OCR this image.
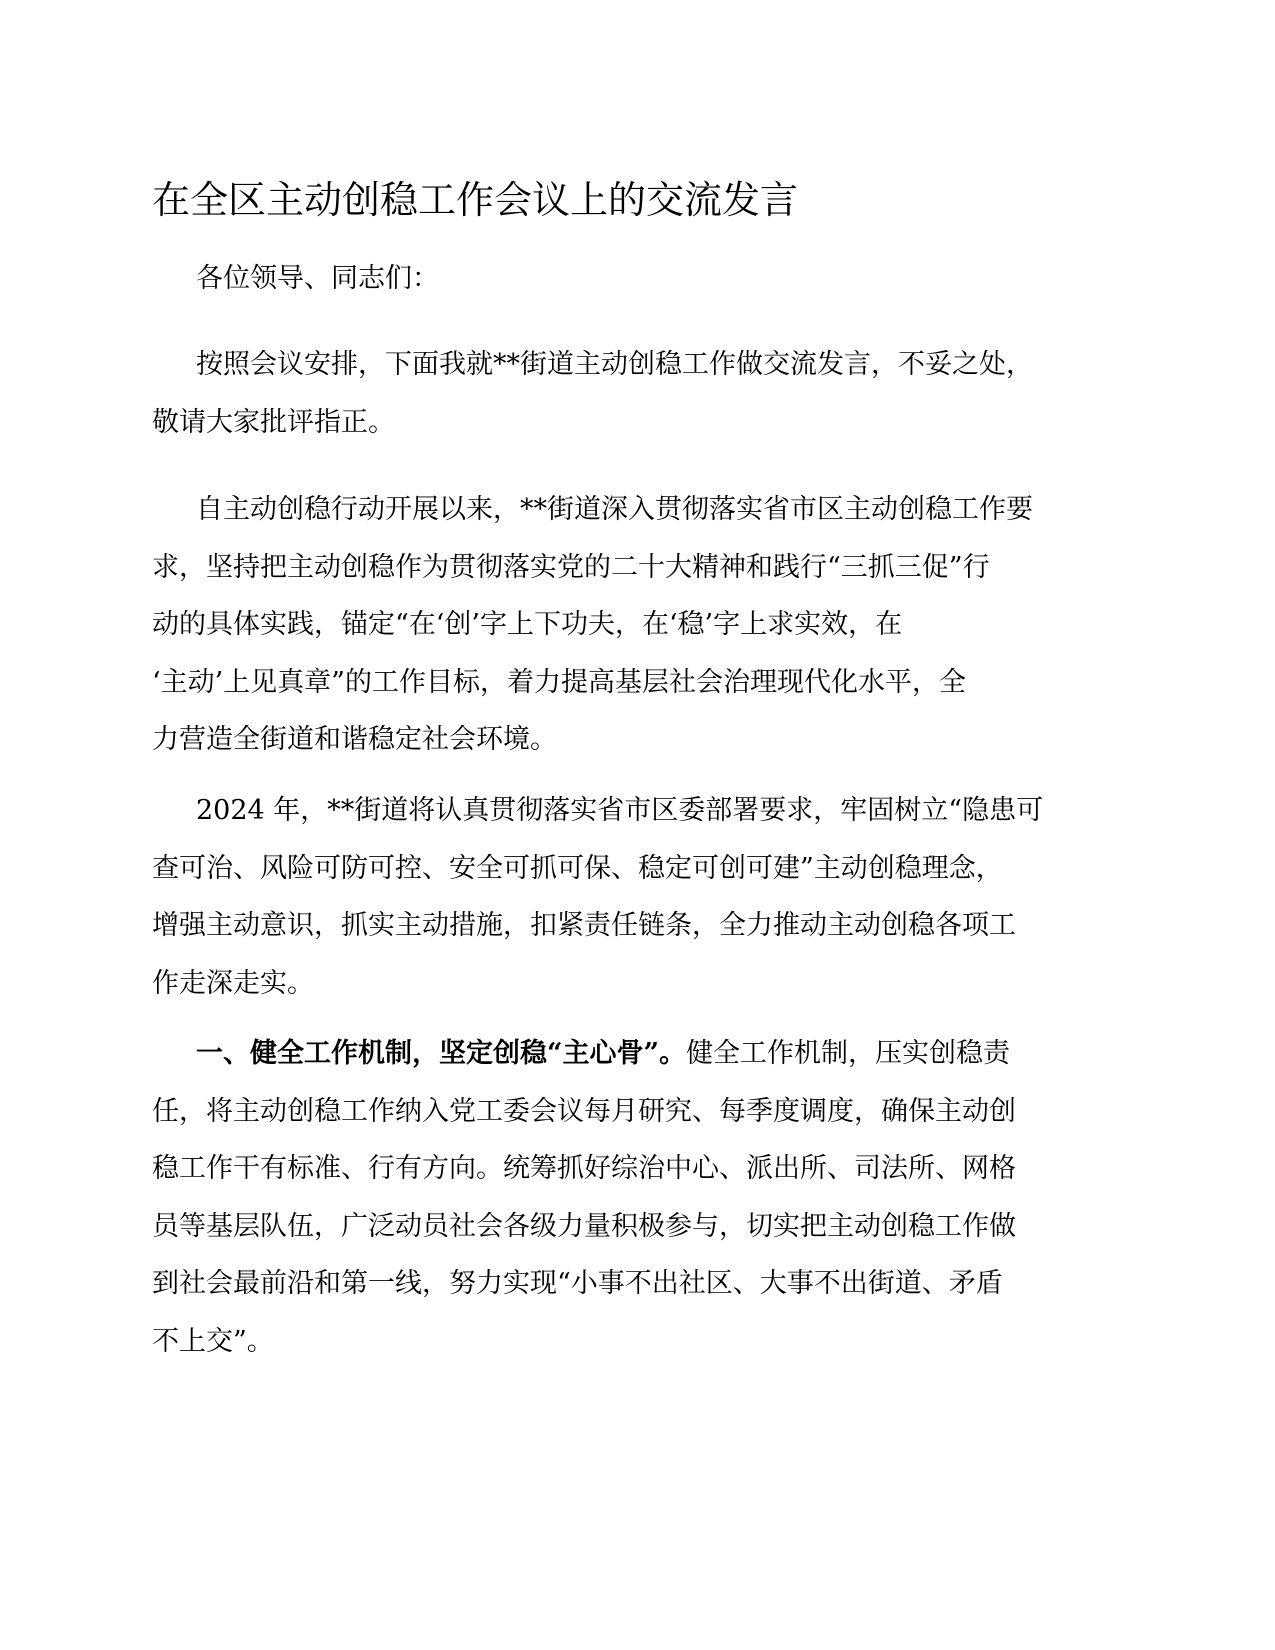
在全区主动创稳工作会议上的交流发言

各位领导、同志们：

按照会议安排，下面我就**街道主动创稳工作做交流发言，不妥之处，
敬请大家批评指正。

自主动创稳行动开展以来，**街道深入贯彻落实省市区主动创稳工作要
求，坚持把主动创稳作为贯彻落实党的二十大精神和践行“三抓三促”行
动的具体实践，锚定“在‘创’字上下功夫，在‘稳’字上求实效，在
‘主动’上见真章”的工作目标，着力提高基层社会治理现代化水平，全
力营造全街道和谐稳定社会环境。

2024 年，**街道将认真贯彻落实省市区委部署要求，牢固树立“隐患可
查可治、风险可防可控、安全可抓可保、稳定可创可建”主动创稳理念，
增强主动意识，抓实主动措施，扣紧责任链条，全力推动主动创稳各项工
作走深走实。

一、健全工作机制，坚定创稳“主心骨”。健全工作机制，压实创稳责
任，将主动创稳工作纳入党工委会议每月研究、每季度调度，确保主动创
稳工作干有标准、行有方向。统筹抓好综治中心、派出所、司法所、网格
员等基层队伍，广泛动员社会各级力量积极参与，切实把主动创稳工作做
到社会最前沿和第一线，努力实现“小事不出社区、大事不出街道、矛盾
不上交”。
